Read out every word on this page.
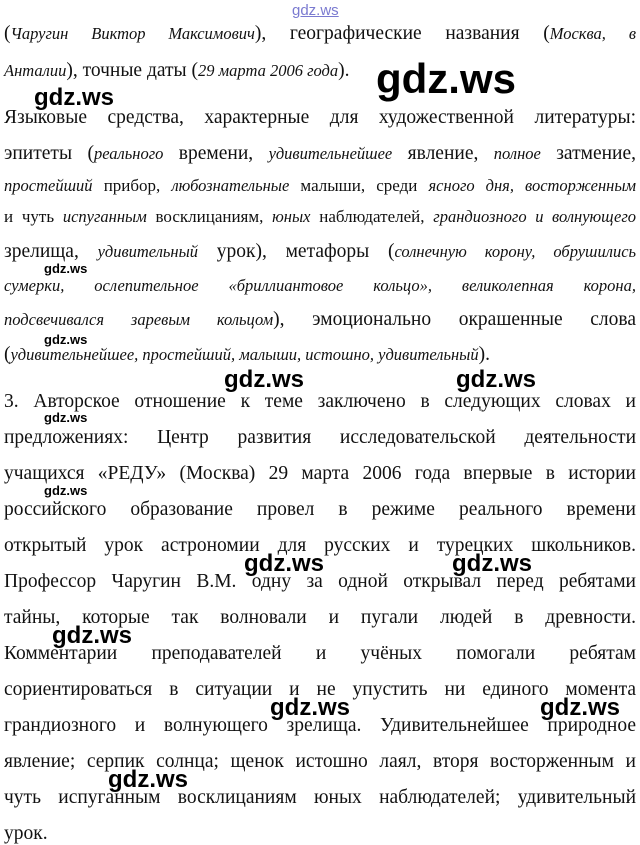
(Чаругин Виктор Максимович), географические названия (Москва, в
Анталии), точные даты (29 марта 2006 года).
Языковые средства, характерные для художественной литературы:
эпитеты (реального времени, удивительнейшее явление, полное затмение,
простейший прибор, любознательные малыши, среди ясного дня, восторженным
и чуть испуганным восклицаниям, юных наблюдателей, грандиозного и волнующего
зрелища, удивительный урок), метафоры (солнечную корону, обрушились
сумерки, ослепительное «бриллиантовое кольцо», великолепная корона,
подсвечивался заревым кольцом), эмоционально окрашенные слова
(удивительнейшее, простейший, малыши, истошно, удивительный).
3. Авторское отношение к теме заключено в следующих словах и
предложениях: Центр развития исследовательской деятельности
учащихся «РЕДУ» (Москва) 29 марта 2006 года впервые в истории
российского образование провел в режиме реального времени
открытый урок астрономии для русских и турецких школьников.
Профессор Чаругин В.М. одну за одной открывал перед ребятами
тайны, которые так волновали и пугали людей в древности.
Комментарии преподавателей и учёных помогали ребятам
сориентироваться в ситуации и не упустить ни единого момента
грандиозного и волнующего зрелища. Удивительнейшее природное
явление; серпик солнца; щенок истошно лаял, вторя восторженным и
чуть испуганным восклицаниям юных наблюдателей; удивительный
урок.
gdz.ws
gdz.ws
gdz.ws
gdz.ws
gdz.ws
gdz.ws	gdz.ws
gdz.ws
gdz.ws
gdz.ws	gdz.ws
gdz.ws
gdz.ws	gdz.ws
gdz.ws
